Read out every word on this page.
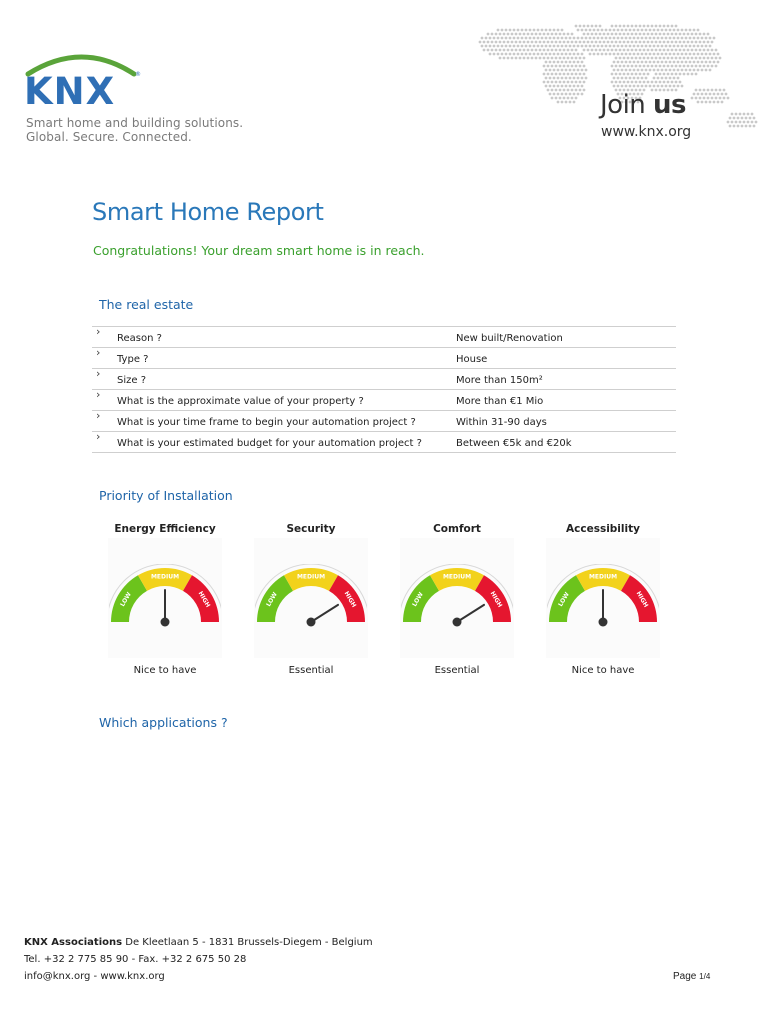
KNX	®
Smart home and building solutions.
Global. Secure. Connected.
Join us
www.knx.org
Smart Home Report
Congratulations! Your dream smart home is in reach.
The real estate
›
Reason ?	New built/Renovation
›
Type ?	House
›
Size ?	More than 150m²
›
What is the approximate value of your property ?	More than €1 Mio
›
What is your time frame to begin your automation project ?	Within 31-90 days
›
What is your estimated budget for your automation project ?	Between €5k and €20k
Priority of Installation
Energy Efficiency
LOW
MEDIUM
HIGH
Nice to have
Security
LOW
MEDIUM
HIGH
Essential
Comfort
LOW
MEDIUM
HIGH
Essential
Accessibility
LOW
MEDIUM
HIGH
Nice to have
Which applications ?
KNX Associations De Kleetlaan 5 - 1831 Brussels-Diegem - Belgium
Tel. +32 2 775 85 90 - Fax. +32 2 675 50 28
info@knx.org - www.knx.org	Page 1/4
